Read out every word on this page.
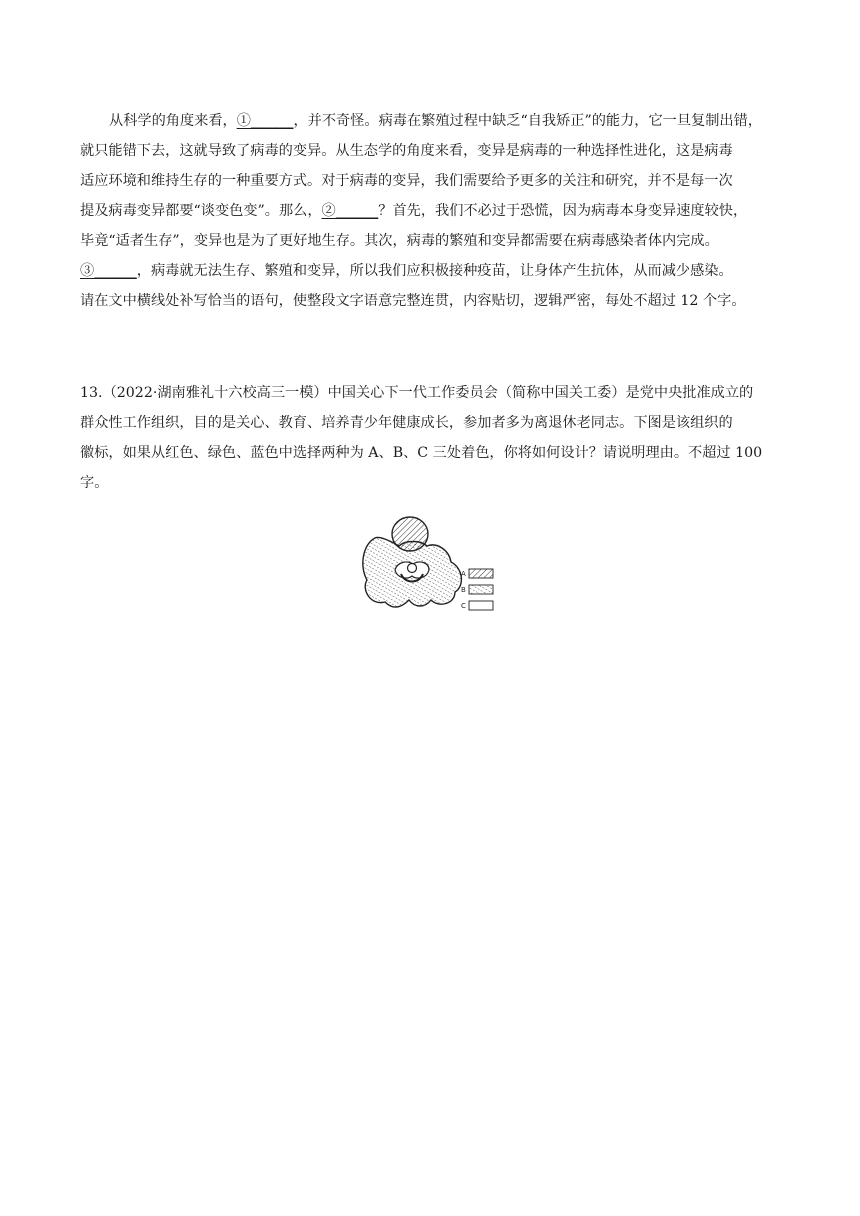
从科学的角度来看，①______，并不奇怪。病毒在繁殖过程中缺乏“自我矫正”的能力，它一旦复制出错，
就只能错下去，这就导致了病毒的变异。从生态学的角度来看，变异是病毒的一种选择性进化，这是病毒
适应环境和维持生存的一种重要方式。对于病毒的变异，我们需要给予更多的关注和研究，并不是每一次
提及病毒变异都要“谈变色变”。那么，②______？首先，我们不必过于恐慌，因为病毒本身变异速度较快，
毕竟“适者生存”，变异也是为了更好地生存。其次，病毒的繁殖和变异都需要在病毒感染者体内完成。
③______，病毒就无法生存、繁殖和变异，所以我们应积极接种疫苗，让身体产生抗体，从而减少感染。
请在文中横线处补写恰当的语句，使整段文字语意完整连贯，内容贴切，逻辑严密，每处不超过 12 个字。
13.（2022·湖南雅礼十六校高三一模）中国关心下一代工作委员会（简称中国关工委）是党中央批准成立的
群众性工作组织，目的是关心、教育、培养青少年健康成长，参加者多为离退休老同志。下图是该组织的
徽标，如果从红色、绿色、蓝色中选择两种为 A、B、C 三处着色，你将如何设计？请说明理由。不超过 100
字。
A
B
C
